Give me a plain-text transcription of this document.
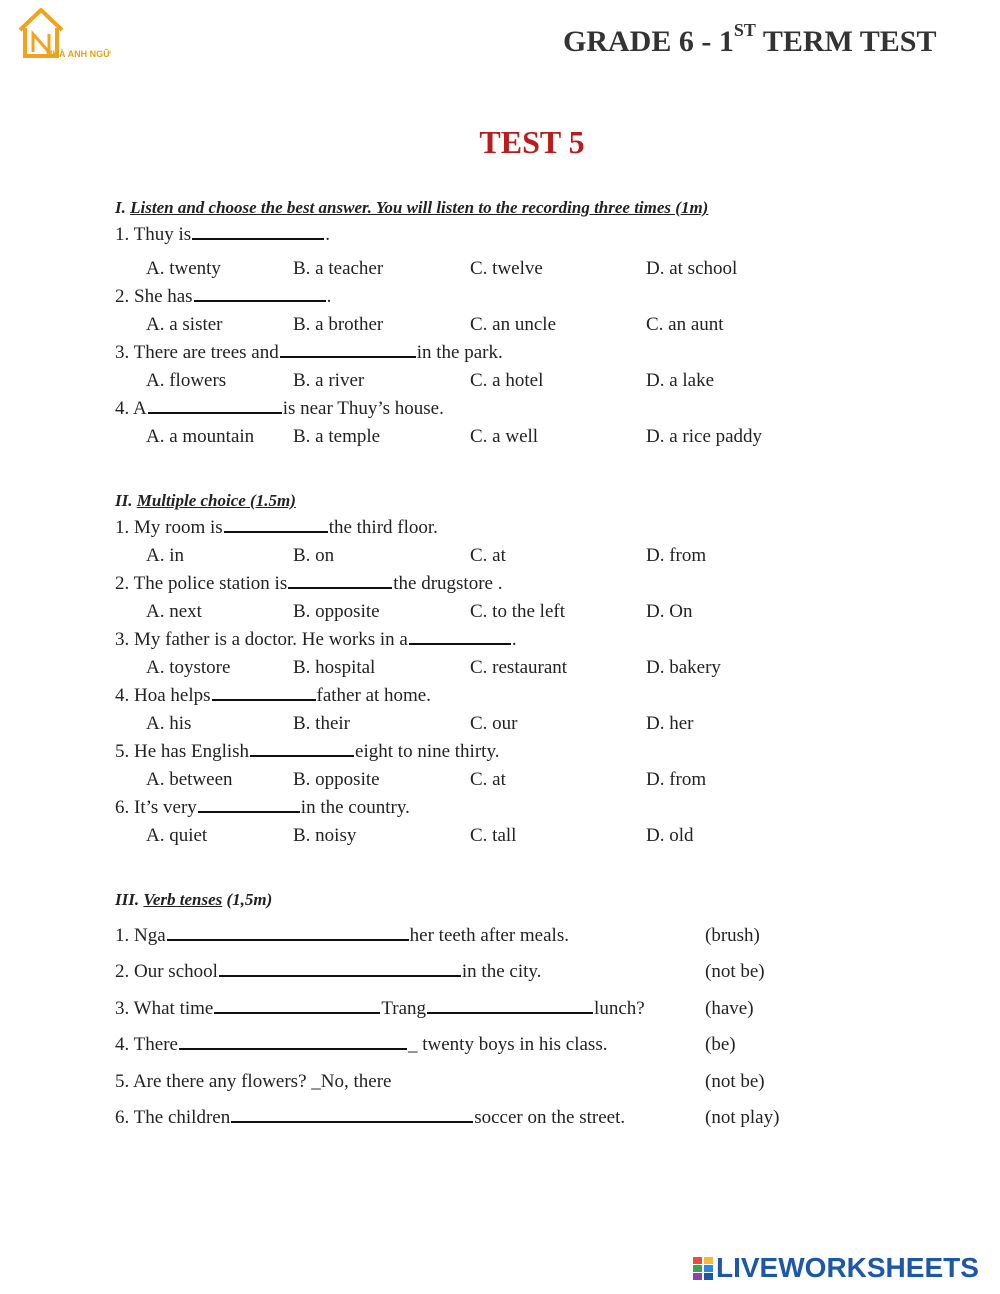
NHÀ ANH NGỮ	GRADE 6 - 1ST TERM TEST
TEST 5
I. Listen and choose the best answer. You will listen to the recording three times (1m)
1. Thuy is	.
A. twenty	B. a teacher	C. twelve	D. at school
2. She has	.
A. a sister	B. a brother	C. an uncle	C. an aunt
3. There are trees and	in the park.
A. flowers	B. a river	C. a hotel	D. a lake
4. A	is near Thuy’s house.
A. a mountain B. a temple	C. a well	D. a rice paddy
II. Multiple choice (1.5m)
1. My room is	the third floor.
A. in	B. on	C. at	D. from
2. The police station is	the drugstore .
A. next	B. opposite	C. to the left	D. On
3. My father is a doctor. He works in a	.
A. toystore	B. hospital	C. restaurant	D. bakery
4. Hoa helps	father at home.
A. his	B. their	C. our	D. her
5. He has English	eight to nine thirty.
A. between	B. opposite	C. at	D. from
6. It’s very	in the country.
A. quiet	B. noisy	C. tall	D. old
III. Verb tenses (1,5m)
1. Nga	her teeth after meals.	(brush)
2. Our school	in the city.	(not be)
3. What time	Trang	lunch?	(have)
4. There	_ twenty boys in his class.	(be)
5. Are there any flowers? _No, there	(not be)
6. The children	soccer on the street.	(not play)
LIVEWORKSHEETS
